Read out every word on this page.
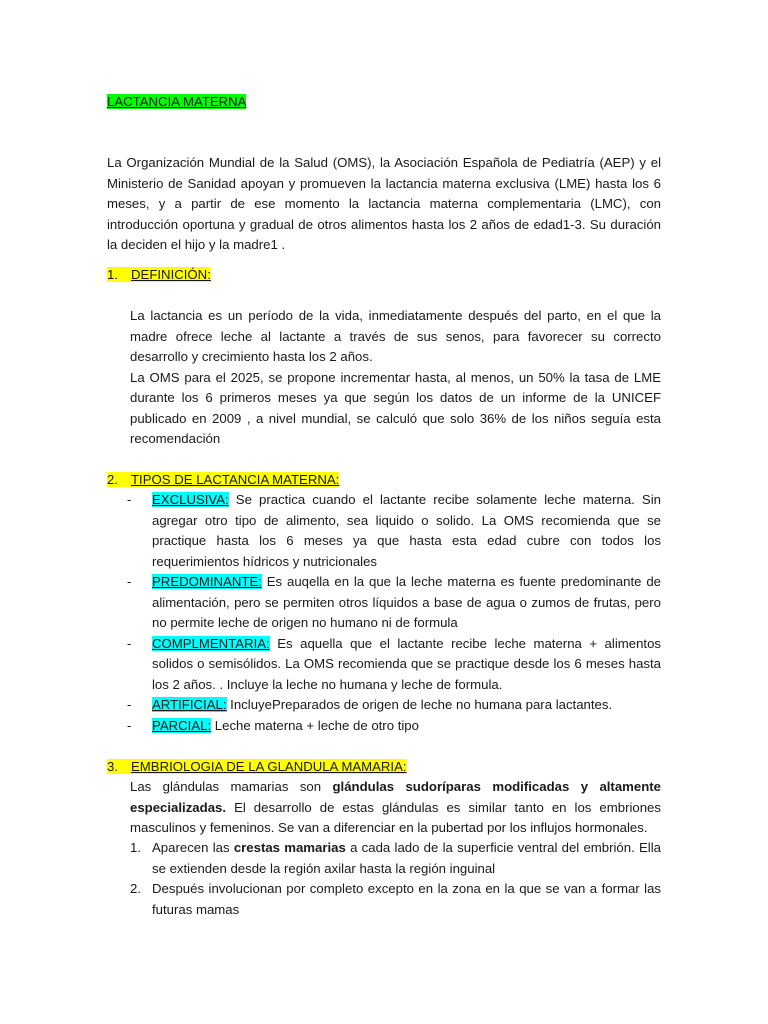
LACTANCIA MATERNA
La Organización Mundial de la Salud (OMS), la Asociación Española de Pediatría (AEP) y el Ministerio de Sanidad apoyan y promueven la lactancia materna exclusiva (LME) hasta los 6 meses, y a partir de ese momento la lactancia materna complementaria (LMC), con introducción oportuna y gradual de otros alimentos hasta los 2 años de edad1-3. Su duración la deciden el hijo y la madre1 .
1. DEFINICIÓN:

La lactancia es un período de la vida, inmediatamente después del parto, en el que la madre ofrece leche al lactante a través de sus senos, para favorecer su correcto desarrollo y crecimiento hasta los 2 años.

La OMS para el 2025, se propone incrementar hasta, al menos, un 50% la tasa de LME durante los 6 primeros meses ya que según los datos de un informe de la UNICEF publicado en 2009 , a nivel mundial, se calculó que solo 36% de los niños seguía esta recomendación

2. TIPOS DE LACTANCIA MATERNA:
- EXCLUSIVA: Se practica cuando el lactante recibe solamente leche materna. Sin agregar otro tipo de alimento, sea liquido o solido. La OMS recomienda que se practique hasta los 6 meses ya que hasta esta edad cubre con todos los requerimientos hídricos y nutricionales
- PREDOMINANTE: Es auqella en la que la leche materna es fuente predominante de alimentación, pero se permiten otros líquidos a base de agua o zumos de frutas, pero no permite leche de origen no humano ni de formula
- COMPLMENTARIA: Es aquella que el lactante recibe leche materna + alimentos solidos o semisólidos. La OMS recomienda que se practique desde los 6 meses hasta los 2 años. . Incluye la leche no humana y leche de formula.
- ARTIFICIAL: IncluyePreparados de origen de leche no humana para lactantes.
- PARCIAL: Leche materna + leche de otro tipo
3. EMBRIOLOGIA DE LA GLANDULA MAMARIA:
Las glándulas mamarias son glándulas sudoríparas modificadas y altamente especializadas. El desarrollo de estas glándulas es similar tanto en los embriones masculinos y femeninos. Se van a diferenciar en la pubertad por los influjos hormonales.
1. Aparecen las crestas mamarias a cada lado de la superficie ventral del embrión. Ella se extienden desde la región axilar hasta la región inguinal
2. Después involucionan por completo excepto en la zona en la que se van a formar las futuras mamas
